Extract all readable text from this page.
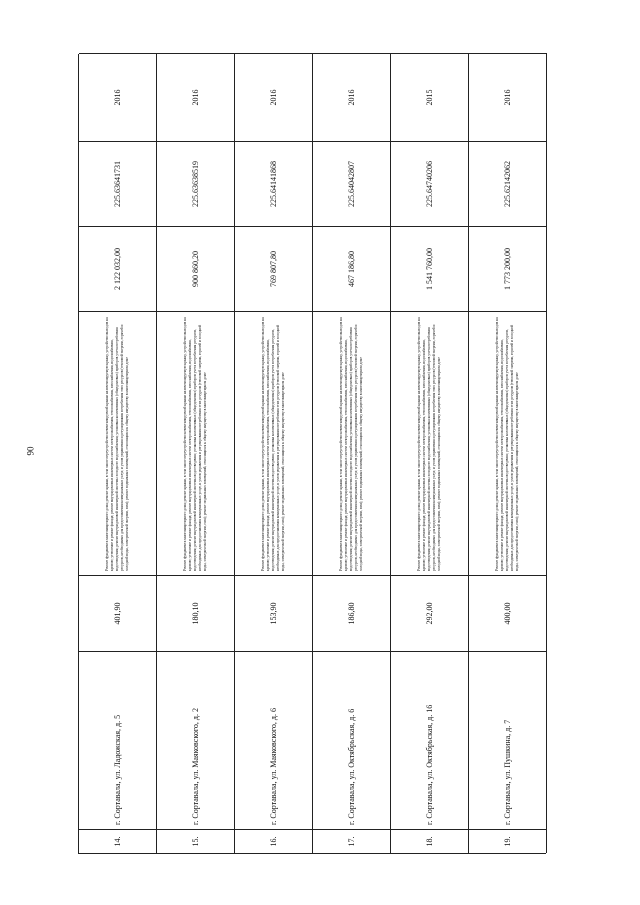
90
14.
г. Сортавала, ул. Ладожская, д. 5
401,90
Ремонт фундамента многоквартирного дома; ремонт крыши, в том числе переустройство невентилируемой крыши на вентилируемую крышу, устройство выходов на кровлю; утепление и ремонт фасада; ремонт внутридомовых инженерных систем электроснабжения, теплоснабжения, газоснабжения, водоснабжения, водоотведения; ремонт внутридомовой инженерной системы холодного водоснабжения; установка коллективных (общедомовых) приборов учета потребления ресурсов, необходимых для предоставления коммунальных услуг, и узлов управления и регулирования потребления этих ресурсов (тепловой энергии, горячей и холодной воды, электрической энергии, газа); ремонт подвальных помещений, относящихся к общему имуществу в многоквартирном доме
2 122 032,00
225.63641731
2016
15.
г. Сортавала, ул. Маяковского, д. 2
180,10
Ремонт фундамента многоквартирного дома; ремонт крыши, в том числе переустройство невентилируемой крыши на вентилируемую крышу, устройство выходов на кровлю; утепление и ремонт фасада; ремонт внутридомовых инженерных систем электроснабжения, теплоснабжения, газоснабжения, водоснабжения, водоотведения; ремонт внутридомовой инженерной системы водоотведения; установка коллективных (общедомовых) приборов учета потребления ресурсов, необходимых для предоставления коммунальных услуг, и узлов управления и регулирования потребления этих ресурсов (тепловой энергии, горячей и холодной воды, электрической энергии, газа); ремонт подвальных помещений, относящихся к общему имуществу в многоквартирном доме
900 860,20
225.63638519
2016
16.
г. Сортавала, ул. Маяковского, д. 6
153,90
Ремонт фундамента многоквартирного дома; ремонт крыши, в том числе переустройство невентилируемой крыши на вентилируемую крышу, устройство выходов на кровлю; утепление и ремонт фасада; ремонт внутридомовых инженерных систем электроснабжения, теплоснабжения, газоснабжения, водоснабжения, водоотведения; ремонт внутридомовой инженерной системы водоотведения; установка коллективных (общедомовых) приборов учета потребления ресурсов, необходимых для предоставления коммунальных услуг, и узлов управления и регулирования потребления этих ресурсов (тепловой энергии, горячей и холодной воды, электрической энергии, газа); ремонт подвальных помещений, относящихся к общему имуществу в многоквартирном доме
769 807,80
225.64141868
2016
17.
г. Сортавала, ул. Октябрьская, д. 6
186,80
Ремонт фундамента многоквартирного дома; ремонт крыши, в том числе переустройство невентилируемой крыши на вентилируемую крышу, устройство выходов на кровлю; утепление и ремонт фасада; ремонт внутридомовых инженерных систем электроснабжения, теплоснабжения, газоснабжения, водоснабжения, водоотведения; ремонт внутридомовой инженерной системы холодного водоснабжения; установка коллективных (общедомовых) приборов учета потребления ресурсов, необходимых для предоставления коммунальных услуг, и узлов управления и регулирования потребления этих ресурсов (тепловой энергии, горячей и холодной воды, электрической энергии, газа); ремонт подвальных помещений, относящихся к общему имуществу в многоквартирном доме
467 186,80
225.64042807
2016
18.
г. Сортавала, ул. Октябрьская, д. 16
292,00
Ремонт фундамента многоквартирного дома; ремонт крыши, в том числе переустройство невентилируемой крыши на вентилируемую крышу, устройство выходов на кровлю; утепление и ремонт фасада; ремонт внутридомовых инженерных систем электроснабжения, теплоснабжения, газоснабжения, водоснабжения, водоотведения; ремонт внутридомовой инженерной системы холодного водоснабжения; установка коллективных (общедомовых) приборов учета потребления ресурсов, необходимых для предоставления коммунальных услуг, и узлов управления и регулирования потребления этих ресурсов (тепловой энергии, горячей и холодной воды, электрической энергии, газа); ремонт подвальных помещений, относящихся к общему имуществу в многоквартирном доме
1 541 760,00
225.64740206
2015
19.
г. Сортавала, ул. Пушкина, д. 7
400,00
Ремонт фундамента многоквартирного дома; ремонт крыши, в том числе переустройство невентилируемой крыши на вентилируемую крышу, устройство выходов на кровлю; утепление и ремонт фасада; ремонт внутридомовых инженерных систем электроснабжения, теплоснабжения, газоснабжения, водоснабжения, водоотведения; ремонт внутридомовой инженерной системы водоотведения; установка коллективных (общедомовых) приборов учета потребления ресурсов, необходимых для предоставления коммунальных услуг, и узлов управления и регулирования потребления этих ресурсов (тепловой энергии, горячей и холодной воды, электрической энергии, газа); ремонт подвальных помещений, относящихся к общему имуществу в многоквартирном доме
1 773 200,00
225.62142062
2016
